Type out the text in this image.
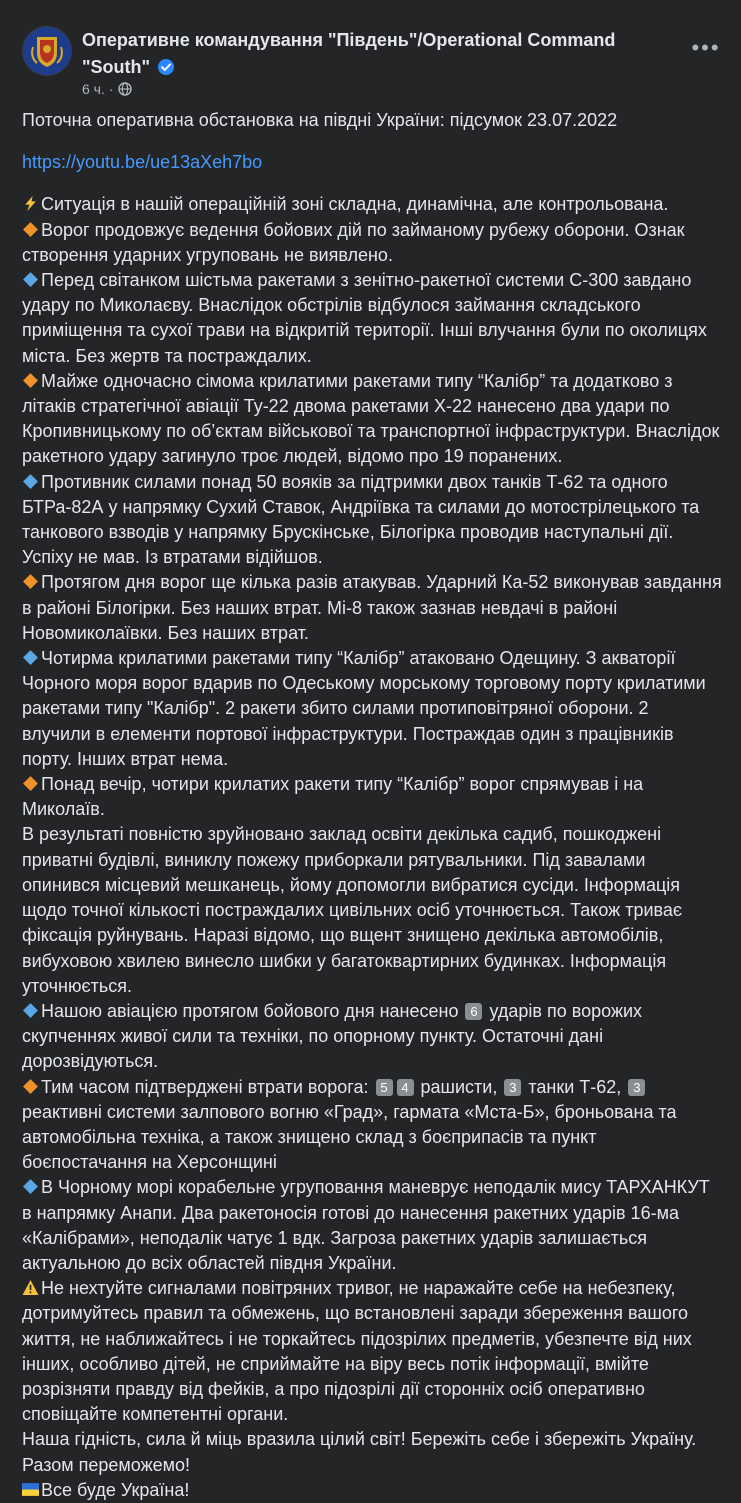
Оперативне командування "Південь"/Operational Command "South"
6 ч. ·
•••

Поточна оперативна обстановка на півдні України: підсумок 23.07.2022

https://youtu.be/ue13aXeh7bo

Ситуація в нашій операційній зоні складна, динамічна, але контрольована.

Ворог продовжує ведення бойових дій по займаному рубежу оборони. Ознак створення ударних угруповань не виявлено.

Перед світанком шістьма ракетами з зенітно-ракетної системи С-300 завдано удару по Миколаєву. Внаслідок обстрілів відбулося займання складського приміщення та сухої трави на відкритій території. Інші влучання були по околицях міста. Без жертв та постраждалих.

Майже одночасно сімома крилатими ракетами типу “Калібр” та додатково з літаків стратегічної авіації Ту-22 двома ракетами Х-22 нанесено два удари по Кропивницькому по об’єктам військової та транспортної інфраструктури. Внаслідок ракетного удару загинуло троє людей, відомо про 19 поранених.

Противник силами понад 50 вояків за підтримки двох танків Т-62 та одного БТРа-82А у напрямку Сухий Ставок, Андріївка та силами до мотострілецького та танкового взводів у напрямку Брускінське, Білогірка проводив наступальні дії. Успіху не мав. Із втратами відійшов.

Протягом дня ворог ще кілька разів атакував. Ударний Ка-52 виконував завдання в районі Білогірки. Без наших втрат. Мі-8 також зазнав невдачі в районі Новомиколаївки. Без наших втрат.

Чотирма крилатими ракетами типу “Калібр” атаковано Одещину. З акваторії Чорного моря ворог вдарив по Одеському морському торговому порту крилатими ракетами типу "Калібр". 2 ракети збито силами протиповітряної оборони. 2 влучили в елементи портової інфраструктури. Постраждав один з працівників порту. Інших втрат нема.

Понад вечір, чотири крилатих ракети типу “Калібр” ворог спрямував і на Миколаїв.

В результаті повністю зруйновано заклад освіти декілька садиб, пошкоджені приватні будівлі, виниклу пожежу приборкали рятувальники. Під завалами опинився місцевий мешканець, йому допомогли вибратися сусіди. Інформація щодо точної кількості постраждалих цивільних осіб уточнюється. Також триває фіксація руйнувань. Наразі відомо, що вщент знищено декілька автомобілів, вибуховою хвилею винесло шибки у багатоквартирних будинках. Інформація уточнюється.

Нашою авіацією протягом бойового дня нанесено 6 ударів по ворожих скупченнях живої сили та техніки, по опорному пункту. Остаточні дані дорозвідуються.

Тим часом підтверджені втрати ворога: 5 4 рашисти, 3 танки Т-62, 3 реактивні системи залпового вогню «Град», гармата «Мста-Б», броньована та автомобільна техніка, а також знищено склад з боєприпасів та пункт боєпостачання на Херсонщині

В Чорному морі корабельне угруповання маневрує неподалік мису ТАРХАНКУТ в напрямку Анапи. Два ракетоносія готові до нанесення ракетних ударів 16-ма «Калібрами», неподалік чатує 1 вдк. Загроза ракетних ударів залишається актуальною до всіх областей півдня України.

Не нехтуйте сигналами повітряних тривог, не наражайте себе на небезпеку, дотримуйтесь правил та обмежень, що встановлені заради збереження вашого життя, не наближайтесь і не торкайтесь підозрілих предметів, убезпечте від них інших, особливо дітей, не сприймайте на віру весь потік інформації, вмійте розрізняти правду від фейків, а про підозрілі дії сторонніх осіб оперативно сповіщайте компетентні органи.

Наша гідність, сила й міць вразила цілий світ! Бережіть себе і збережіть Україну.

Разом переможемо!

Все буде Україна!
